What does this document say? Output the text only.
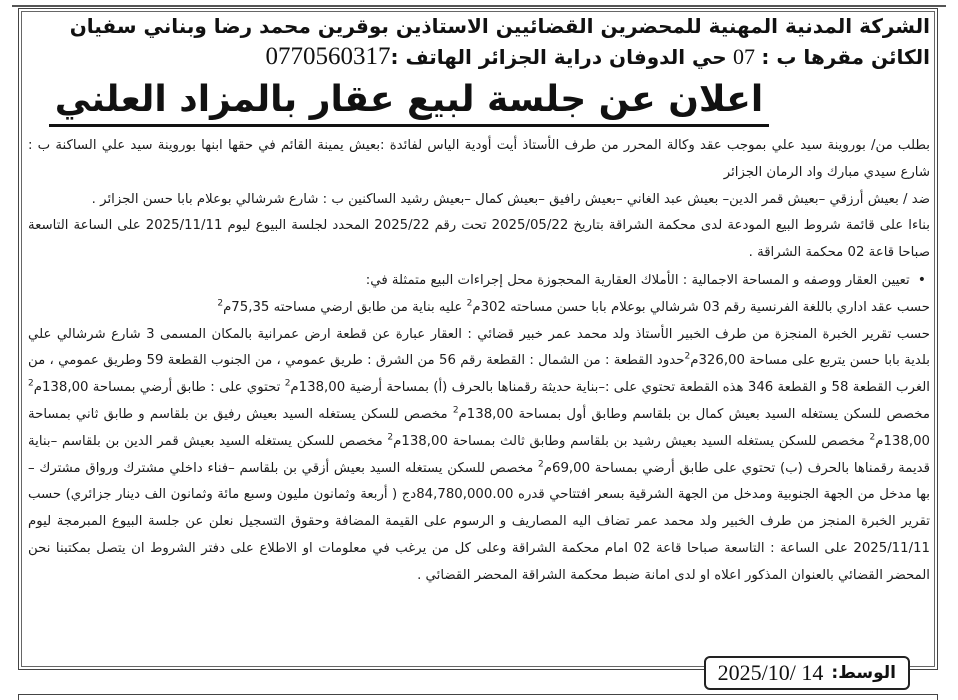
الشركة المدنية المهنية للمحضرين القضائيين الاستاذين بوقرين محمد رضا وبناني سفيان
الكائن مقرها ب : 07 حي الدوفان دراية الجزائر الهاتف :0770560317
اعلان عن جلسة لبيع عقار بالمزاد العلني

بطلب من/ بوروينة سيد علي بموجب عقد وكالة المحرر من طرف الأستاذ أيت أودية الياس لفائدة :بعيش يمينة القائم في حقها ابنها بوروينة سيد علي الساكنة ب : شارع سيدي مبارك واد الرمان الجزائر

ضد / بعيش أرزقي –بعيش قمر الدين– بعيش عبد الغاني –بعيش رافيق –بعيش كمال –بعيش رشيد الساكنين ب : شارع شرشالي بوعلام بابا حسن الجزائر .

بناءا على قائمة شروط البيع المودعة لدى محكمة الشراقة بتاريخ 2025/05/22 تحت رقم 2025/22 المحدد لجلسة البيوع ليوم 2025/11/11 على الساعة التاسعة صباحا قاعة 02 محكمة الشراقة .

• تعيين العقار ووصفه و المساحة الاجمالية : الأملاك العقارية المحجوزة محل إجراءات البيع متمثلة في:

حسب عقد اداري باللغة الفرنسية رقم 03 شرشالي بوعلام بابا حسن مساحته 302م$^2$ عليه بناية من طابق ارضي مساحته 75,35م$^2$

حسب تقرير الخبرة المنجزة من طرف الخبير الأستاذ ولد محمد عمر خبير قضائي : العقار عبارة عن قطعة ارض عمرانية بالمكان المسمى 3 شارع شرشالي علي بلدية بابا حسن يتربع على مساحة 326,00م$^2$حدود القطعة : من الشمال : القطعة رقم 56 من الشرق : طريق عمومي ، من الجنوب القطعة 59 وطريق عمومي ، من الغرب القطعة 58 و القطعة 346 هذه القطعة تحتوي على :–بناية حديثة رقمناها بالحرف (أ) بمساحة أرضية 138,00م$^2$ تحتوي على : طابق أرضي بمساحة 138,00م$^2$ مخصص للسكن يستغله السيد بعيش كمال بن بلقاسم وطابق أول بمساحة 138,00م$^2$ مخصص للسكن يستغله السيد بعيش رفيق بن بلقاسم و طابق ثاني بمساحة 138,00م$^2$ مخصص للسكن يستغله السيد بعيش رشيد بن بلقاسم وطابق ثالث بمساحة 138,00م$^2$ مخصص للسكن يستغله السيد بعيش قمر الدين بن بلقاسم –بناية قديمة رقمناها بالحرف (ب) تحتوي على طابق أرضي بمساحة 69,00م$^2$ مخصص للسكن يستغله السيد بعيش أزقي بن بلقاسم –فناء داخلي مشترك ورواق مشترك –بها مدخل من الجهة الجنوبية ومدخل من الجهة الشرقية بسعر افتتاحي قدره 84,780,000.00دج ( أربعة وثمانون مليون وسبع مائة وثمانون الف دينار جزائري) حسب تقرير الخبرة المنجز من طرف الخبير ولد محمد عمر تضاف اليه المصاريف و الرسوم على القيمة المضافة وحقوق التسجيل نعلن عن جلسة البيوع المبرمجة ليوم 2025/11/11 على الساعة : التاسعة صباحا قاعة 02 امام محكمة الشراقة وعلى كل من يرغب في معلومات او الاطلاع على دفتر الشروط ان يتصل بمكتبنا نحن المحضر القضائي بالعنوان المذكور اعلاه او لدى امانة ضبط محكمة الشراقة المحضر القضائي .

الوسط:
2025/10/ 14
